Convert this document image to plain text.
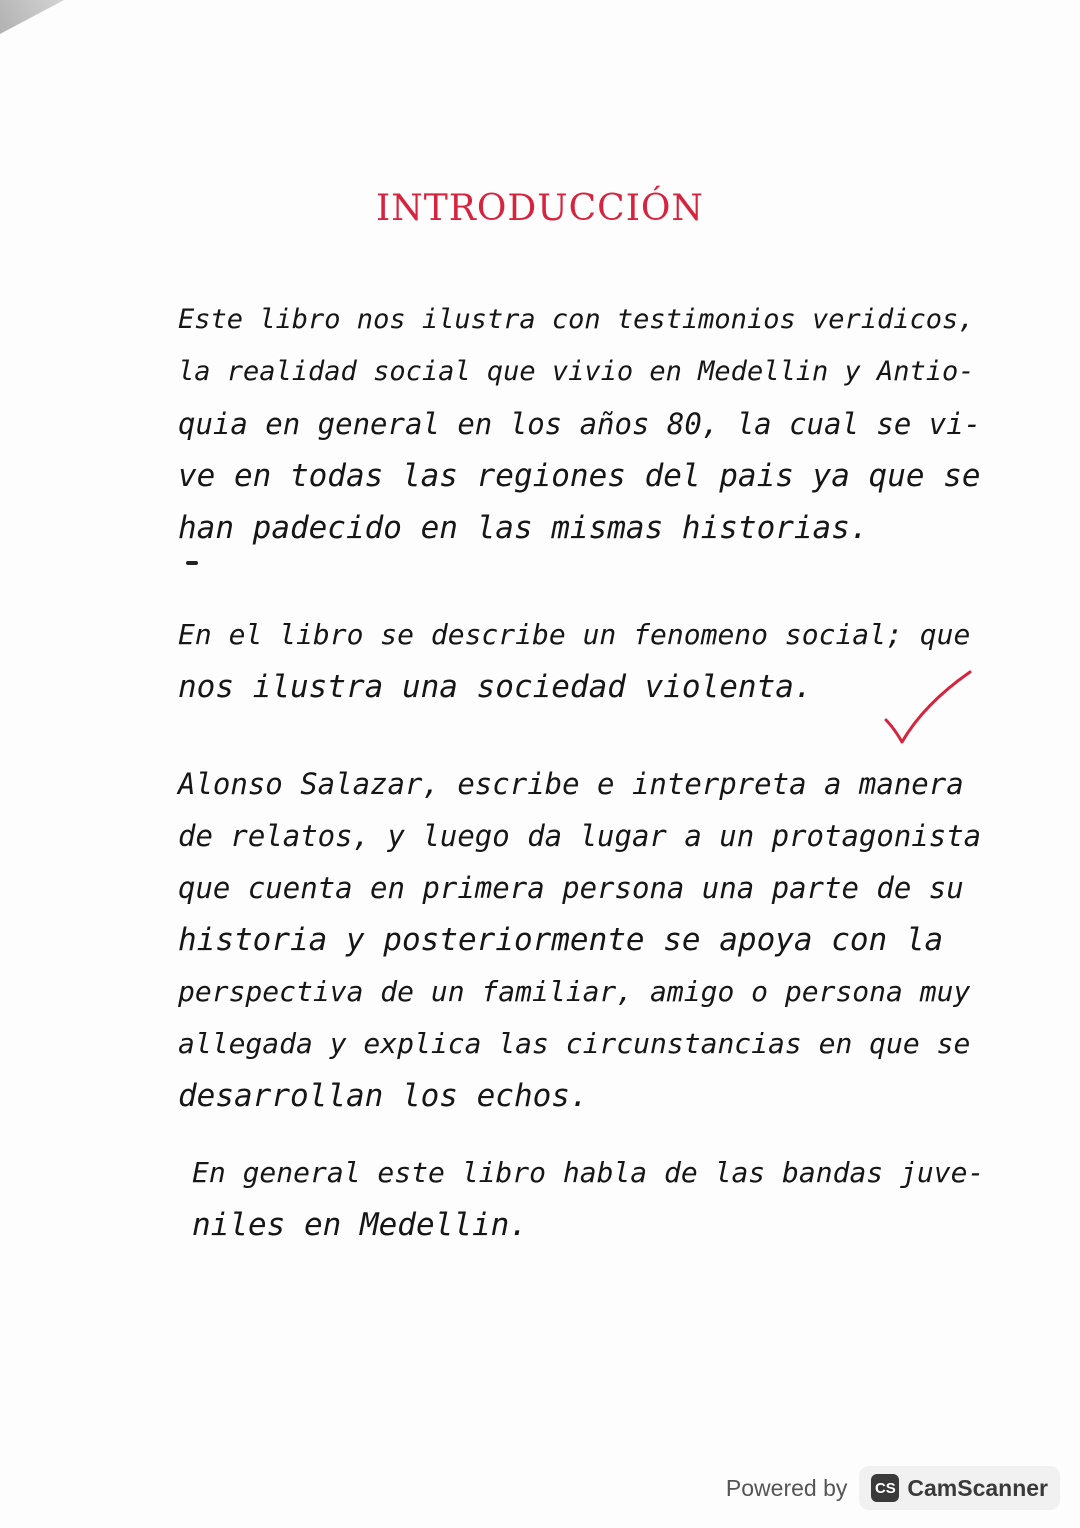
INTRODUCCIÓN
Este libro nos ilustra con testimonios veridicos,
la realidad social que vivio en Medellin y Antio-
quia en general en los años 80, la cual se vi-
ve en todas las regiones del pais ya que se
han padecido en las mismas historias.
En el libro se describe un fenomeno social; que
nos ilustra una sociedad violenta.
Alonso Salazar, escribe e interpreta a manera
de relatos, y luego da lugar a un protagonista
que cuenta en primera persona una parte de su
historia y posteriormente se apoya con la
perspectiva de un familiar, amigo o persona muy
allegada y explica las circunstancias en que se
desarrollan los echos.
En general este libro habla de las bandas juve-
niles en Medellin.
Powered by CS CamScanner
